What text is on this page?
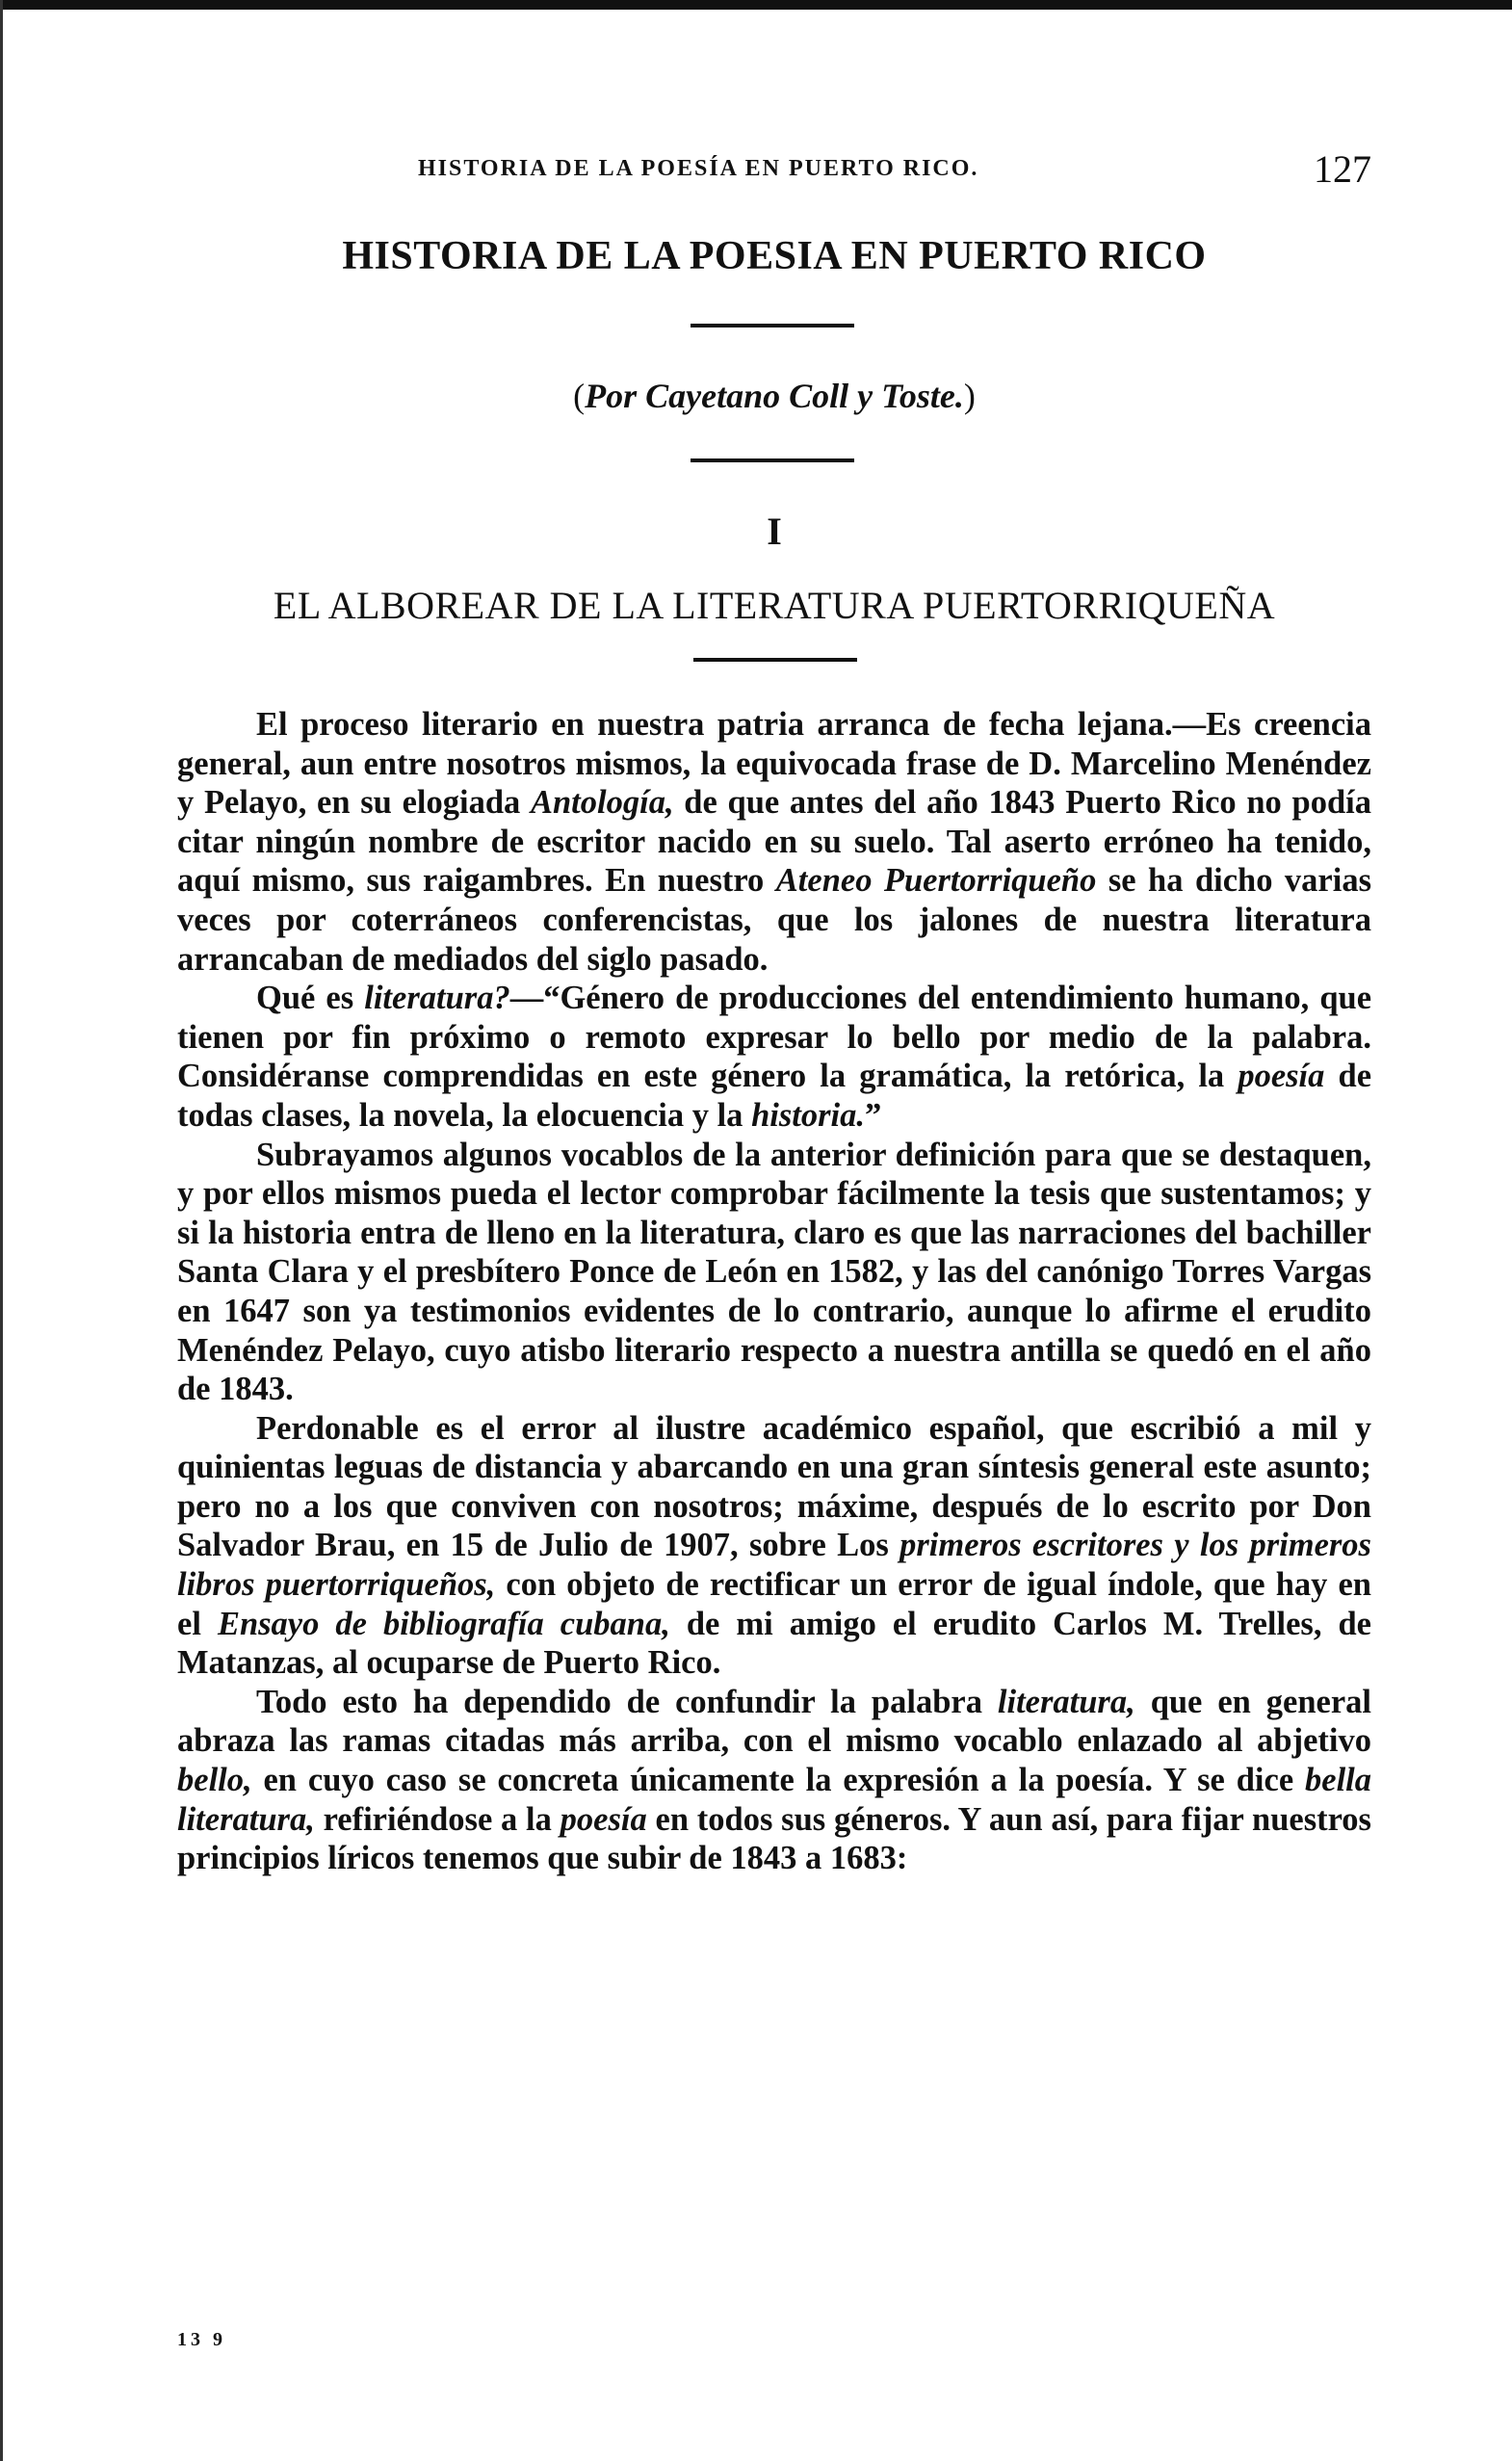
HISTORIA DE LA POESÍA EN PUERTO RICO.	127
HISTORIA DE LA POESIA EN PUERTO RICO
(Por Cayetano Coll y Toste.)
I
EL ALBOREAR DE LA LITERATURA PUERTORRIQUEÑA

El proceso literario en nuestra patria arranca de fecha lejana.—Es creencia general, aun entre nosotros mismos, la equivocada frase de D. Marcelino Menéndez y Pelayo, en su elogiada Antología, de que antes del año 1843 Puerto Rico no podía citar ningún nombre de escritor nacido en su suelo. Tal aserto erróneo ha tenido, aquí mismo, sus raigambres. En nuestro Ateneo Puertorriqueño se ha dicho varias veces por coterráneos conferencistas, que los jalones de nuestra literatura arrancaban de mediados del siglo pasado.

Qué es literatura?—“Género de producciones del entendimiento humano, que tienen por fin próximo o remoto expresar lo bello por medio de la palabra. Considéranse comprendidas en este género la gramática, la retórica, la poesía de todas clases, la novela, la elocuencia y la historia.”

Subrayamos algunos vocablos de la anterior definición para que se destaquen, y por ellos mismos pueda el lector comprobar fácilmente la tesis que sustentamos; y si la historia entra de lleno en la literatura, claro es que las narraciones del bachiller Santa Clara y el presbítero Ponce de León en 1582, y las del canónigo Torres Vargas en 1647 son ya testimonios evidentes de lo contrario, aunque lo afirme el erudito Menéndez Pelayo, cuyo atisbo literario respecto a nuestra antilla se quedó en el año de 1843.

Perdonable es el error al ilustre académico español, que escribió a mil y quinientas leguas de distancia y abarcando en una gran síntesis general este asunto; pero no a los que conviven con nosotros; máxime, después de lo escrito por Don Salvador Brau, en 15 de Julio de 1907, sobre Los primeros escritores y los primeros libros puertorriqueños, con objeto de rectificar un error de igual índole, que hay en el Ensayo de bibliografía cubana, de mi amigo el erudito Carlos M. Trelles, de Matanzas, al ocuparse de Puerto Rico.

Todo esto ha dependido de confundir la palabra literatura, que en general abraza las ramas citadas más arriba, con el mismo vocablo enlazado al abjetivo bello, en cuyo caso se concreta únicamente la expresión a la poesía. Y se dice bella literatura, refiriéndose a la poesía en todos sus géneros. Y aun así, para fijar nuestros principios líricos tenemos que subir de 1843 a 1683:

13 9
